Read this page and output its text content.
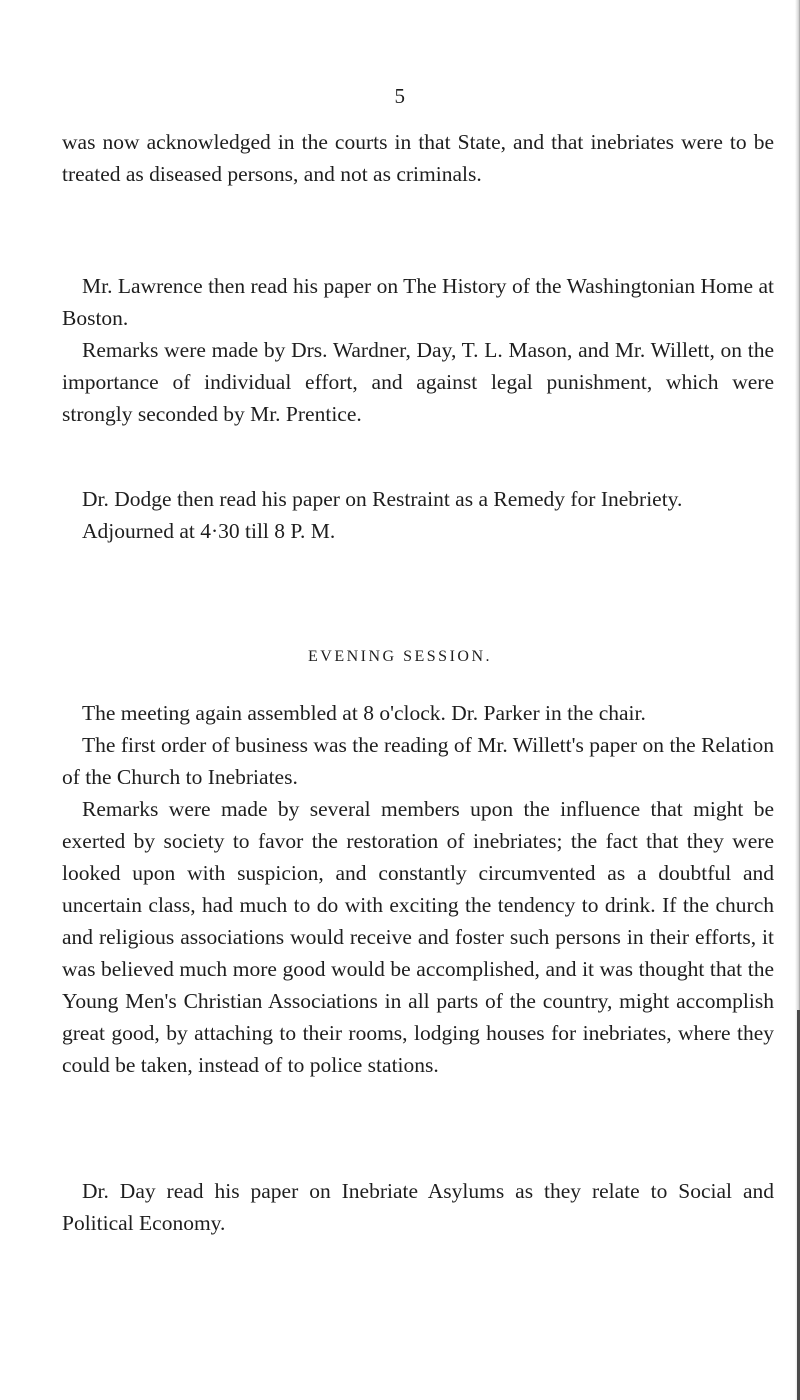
5

was now acknowledged in the courts in that State, and that inebriates were to be treated as diseased persons, and not as criminals.

Mr. Lawrence then read his paper on The History of the Washingtonian Home at Boston.

Remarks were made by Drs. Wardner, Day, T. L. Mason, and Mr. Willett, on the importance of individual effort, and against legal punishment, which were strongly seconded by Mr. Prentice.

Dr. Dodge then read his paper on Restraint as a Remedy for Inebriety.

Adjourned at 4·30 till 8 P. M.

EVENING SESSION.

The meeting again assembled at 8 o'clock. Dr. Parker in the chair.

The first order of business was the reading of Mr. Willett's paper on the Relation of the Church to Inebriates.

Remarks were made by several members upon the influence that might be exerted by society to favor the restoration of inebriates; the fact that they were looked upon with suspicion, and constantly circumvented as a doubtful and uncertain class, had much to do with exciting the tendency to drink. If the church and religious associations would receive and foster such persons in their efforts, it was believed much more good would be accomplished, and it was thought that the Young Men's Christian Associations in all parts of the country, might accomplish great good, by attaching to their rooms, lodging houses for inebriates, where they could be taken, instead of to police stations.

Dr. Day read his paper on Inebriate Asylums as they relate to Social and Political Economy.
